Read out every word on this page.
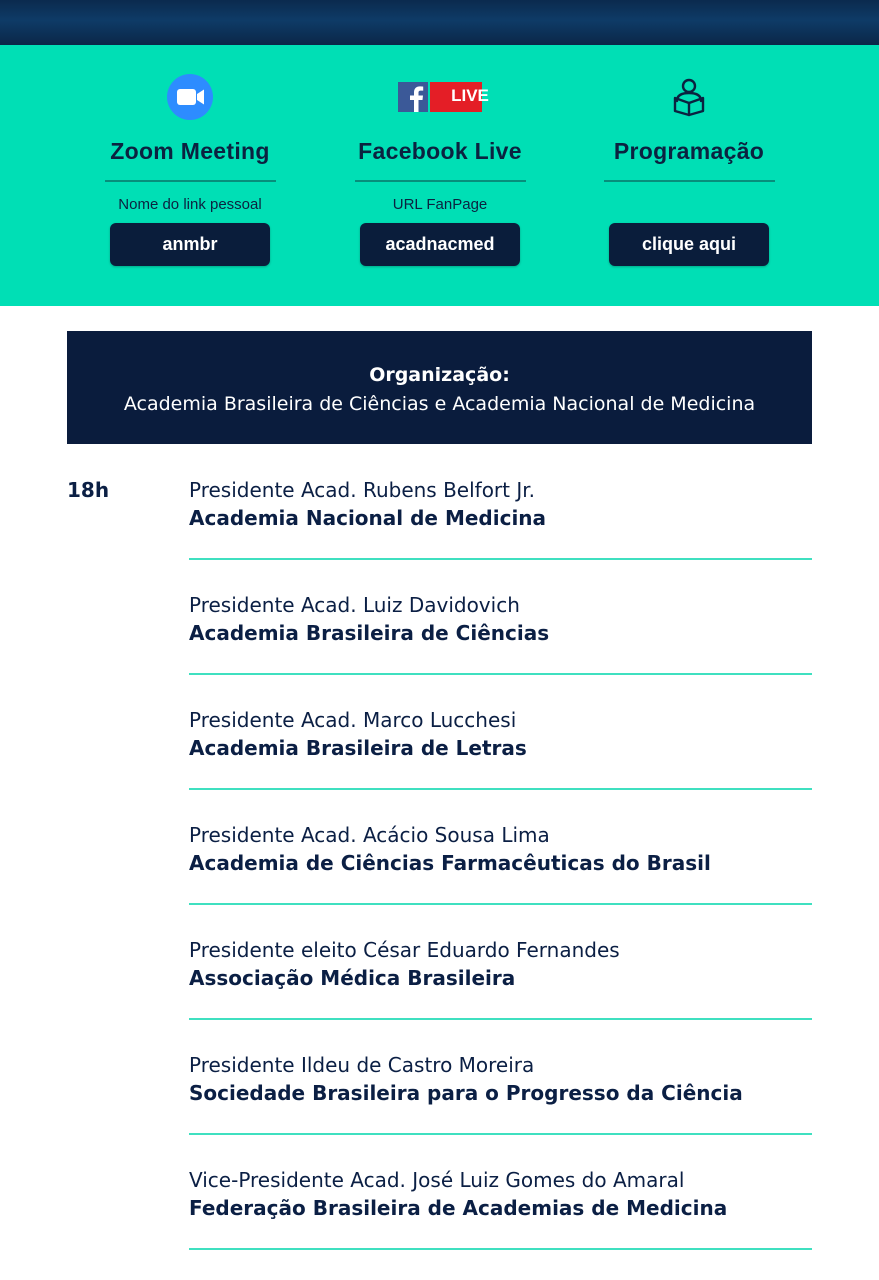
Zoom Meeting
Nome do link pessoal
anmbr
LIVE
Facebook Live
URL FanPage
acadnacmed
Programação
clique aqui
Organização:
Academia Brasileira de Ciências e Academia Nacional de Medicina
18h	Presidente Acad. Rubens Belfort Jr.
Academia Nacional de Medicina
Presidente Acad. Luiz Davidovich
Academia Brasileira de Ciências
Presidente Acad. Marco Lucchesi
Academia Brasileira de Letras
Presidente Acad. Acácio Sousa Lima
Academia de Ciências Farmacêuticas do Brasil
Presidente eleito César Eduardo Fernandes
Associação Médica Brasileira
Presidente Ildeu de Castro Moreira
Sociedade Brasileira para o Progresso da Ciência
Vice-Presidente Acad. José Luiz Gomes do Amaral
Federação Brasileira de Academias de Medicina
